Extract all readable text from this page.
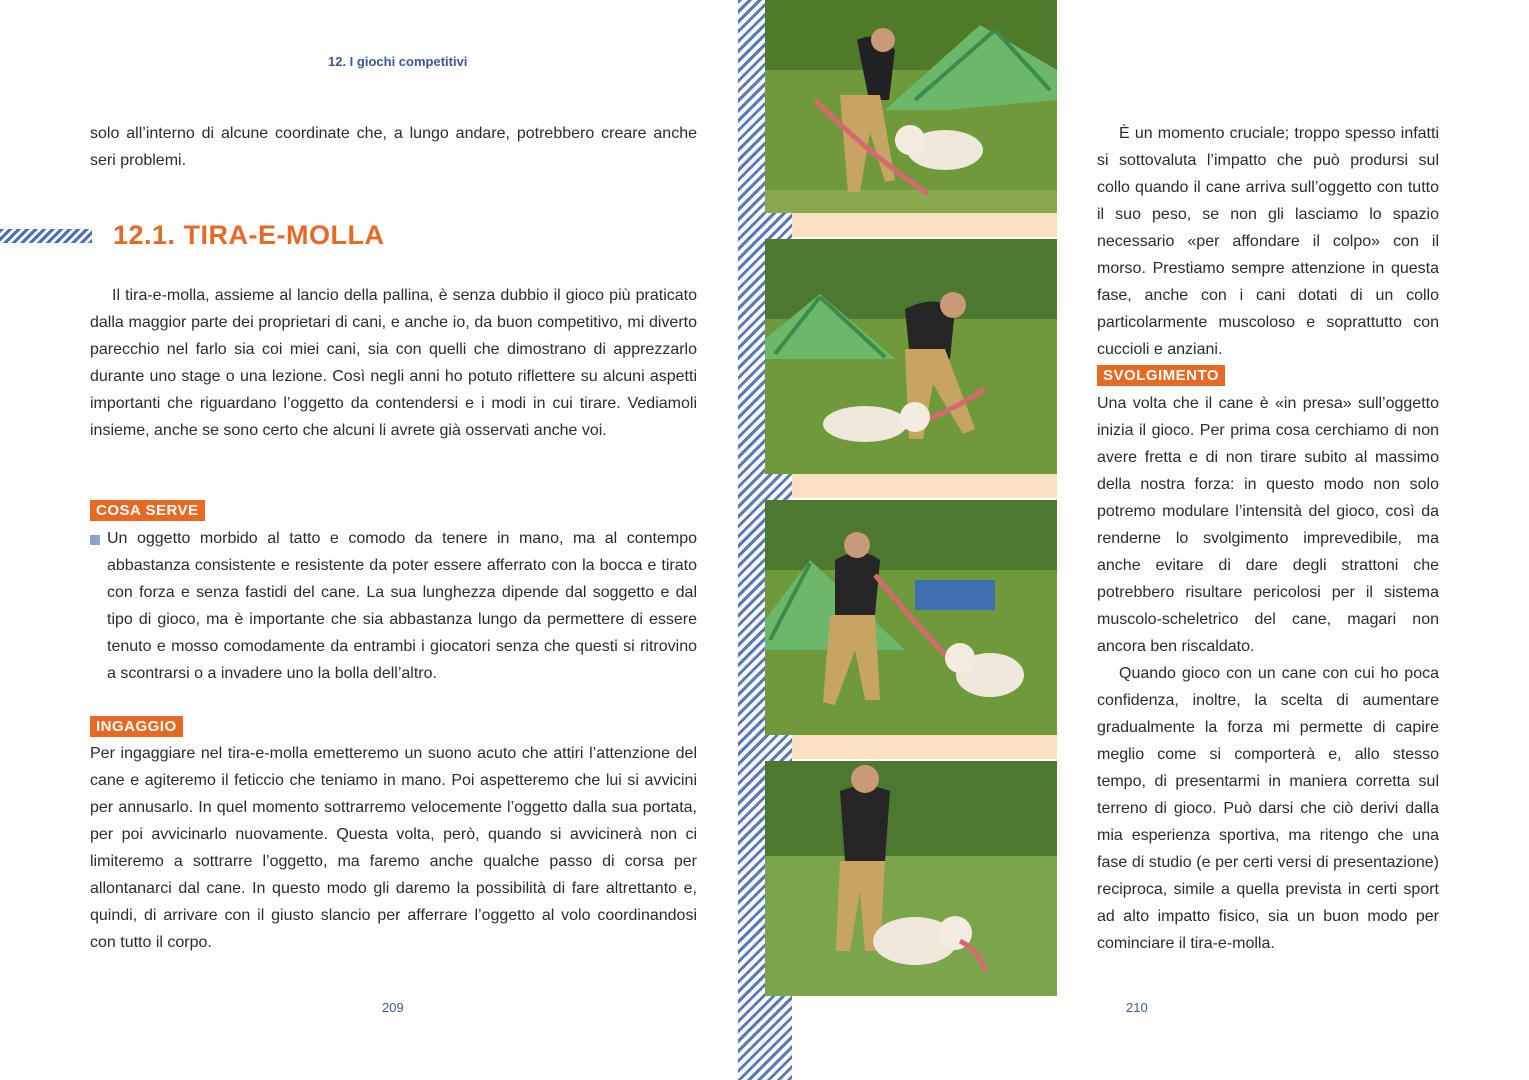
12. I giochi competitivi

solo all’interno di alcune coordinate che, a lungo andare, potrebbero creare anche seri problemi.

12.1. TIRA-E-MOLLA

Il tira-e-molla, assieme al lancio della pallina, è senza dubbio il gioco più praticato dalla maggior parte dei proprietari di cani, e anche io, da buon competitivo, mi diverto parecchio nel farlo sia coi miei cani, sia con quelli che dimostrano di apprezzarlo durante uno stage o una lezione. Così negli anni ho potuto riflettere su alcuni aspetti importanti che riguardano l’oggetto da contendersi e i modi in cui tirare. Vediamoli insieme, anche se sono certo che alcuni li avrete già osservati anche voi.

COSA SERVE

Un oggetto morbido al tatto e comodo da tenere in mano, ma al contempo abbastanza consistente e resistente da poter essere afferrato con la bocca e tirato con forza e senza fastidi del cane. La sua lunghezza dipende dal soggetto e dal tipo di gioco, ma è importante che sia abbastanza lungo da permettere di essere tenuto e mosso comodamente da entrambi i giocatori senza che questi si ritrovino a scontrarsi o a invadere uno la bolla dell’altro.

INGAGGIO

Per ingaggiare nel tira-e-molla emetteremo un suono acuto che attiri l’attenzione del cane e agiteremo il feticcio che teniamo in mano. Poi aspetteremo che lui si avvicini per annusarlo. In quel momento sottrarremo velocemente l’oggetto dalla sua portata, per poi avvicinarlo nuovamente. Questa volta, però, quando si avvicinerà non ci limiteremo a sottrarre l’oggetto, ma faremo anche qualche passo di corsa per allontanarci dal cane. In questo modo gli daremo la possibilità di fare altrettanto e, quindi, di arrivare con il giusto slancio per afferrare l’oggetto al volo coordinandosi con tutto il corpo.

209

È un momento cruciale; troppo spesso infatti si sottovaluta l’impatto che può prodursi sul collo quando il cane arriva sull’oggetto con tutto il suo peso, se non gli lasciamo lo spazio necessario «per affondare il colpo» con il morso. Prestiamo sempre attenzione in questa fase, anche con i cani dotati di un collo particolarmente muscoloso e soprattutto con cuccioli e anziani.

SVOLGIMENTO

Una volta che il cane è «in presa» sull’oggetto inizia il gioco. Per prima cosa cerchiamo di non avere fretta e di non tirare subito al massimo della nostra forza: in questo modo non solo potremo modulare l’intensità del gioco, così da renderne lo svolgimento imprevedibile, ma anche evitare di dare degli strattoni che potrebbero risultare pericolosi per il sistema muscolo-scheletrico del cane, magari non ancora ben riscaldato.

Quando gioco con un cane con cui ho poca confidenza, inoltre, la scelta di aumentare gradualmente la forza mi permette di capire meglio come si comporterà e, allo stesso tempo, di presentarmi in maniera corretta sul terreno di gioco. Può darsi che ciò derivi dalla mia esperienza sportiva, ma ritengo che una fase di studio (e per certi versi di presentazione) reciproca, simile a quella prevista in certi sport ad alto impatto fisico, sia un buon modo per cominciare il tira-e-molla.

210
